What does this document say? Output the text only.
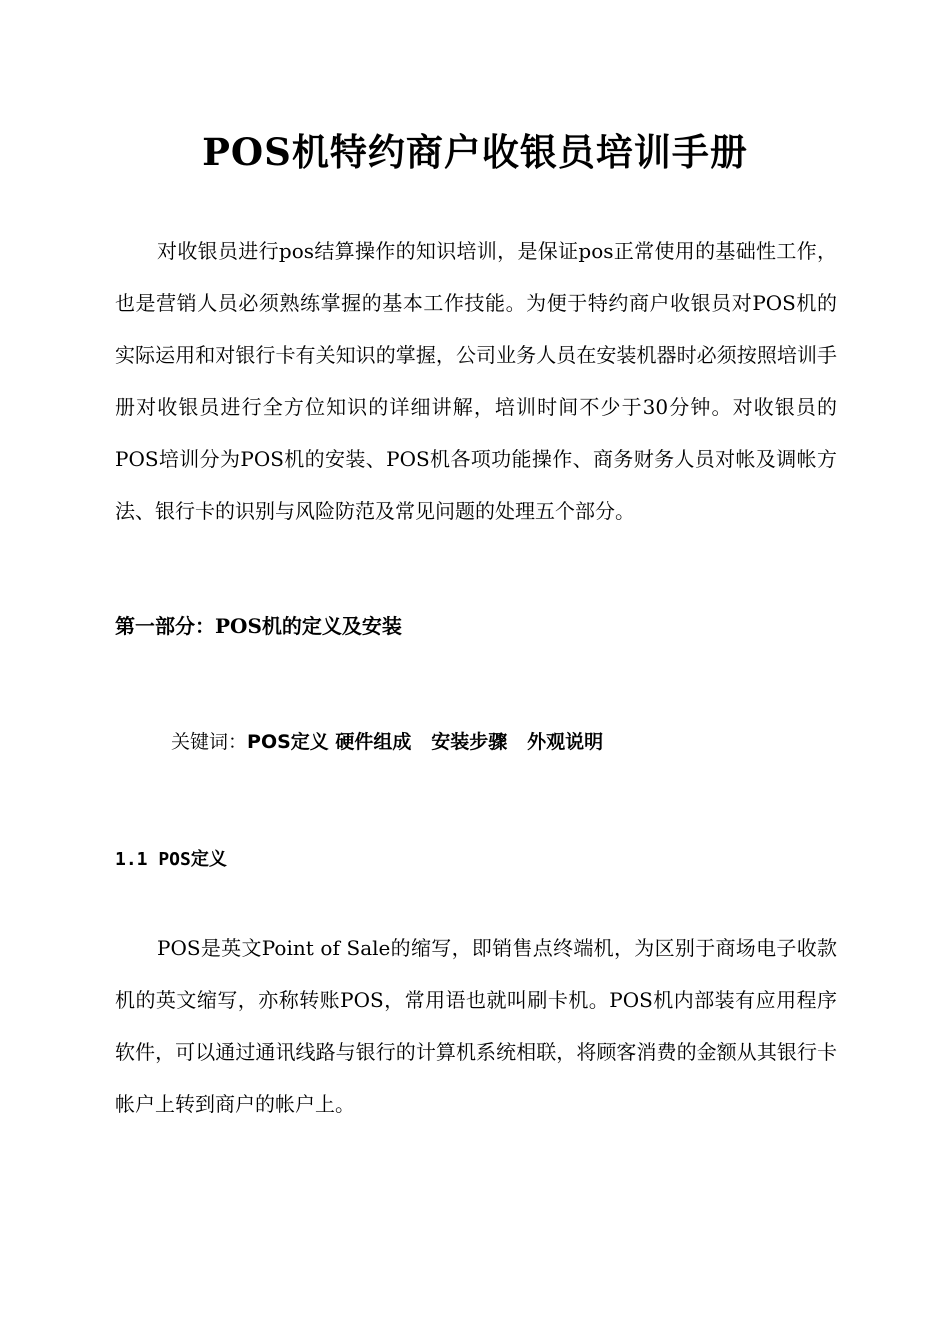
POS机特约商户收银员培训手册

对收银员进行pos结算操作的知识培训，是保证pos正常使用的基础性工作，也是营销人员必须熟练掌握的基本工作技能。为便于特约商户收银员对POS机的实际运用和对银行卡有关知识的掌握，公司业务人员在安装机器时必须按照培训手册对收银员进行全方位知识的详细讲解，培训时间不少于30分钟。对收银员的POS培训分为POS机的安装、POS机各项功能操作、商务财务人员对帐及调帐方法、银行卡的识别与风险防范及常见问题的处理五个部分。

第一部分：POS机的定义及安装
关键词：POS定义 硬件组成   安装步骤   外观说明
1.1 POS定义

POS是英文Point of Sale的缩写，即销售点终端机，为区别于商场电子收款机的英文缩写，亦称转账POS，常用语也就叫刷卡机。POS机内部装有应用程序软件，可以通过通讯线路与银行的计算机系统相联，将顾客消费的金额从其银行卡帐户上转到商户的帐户上。
